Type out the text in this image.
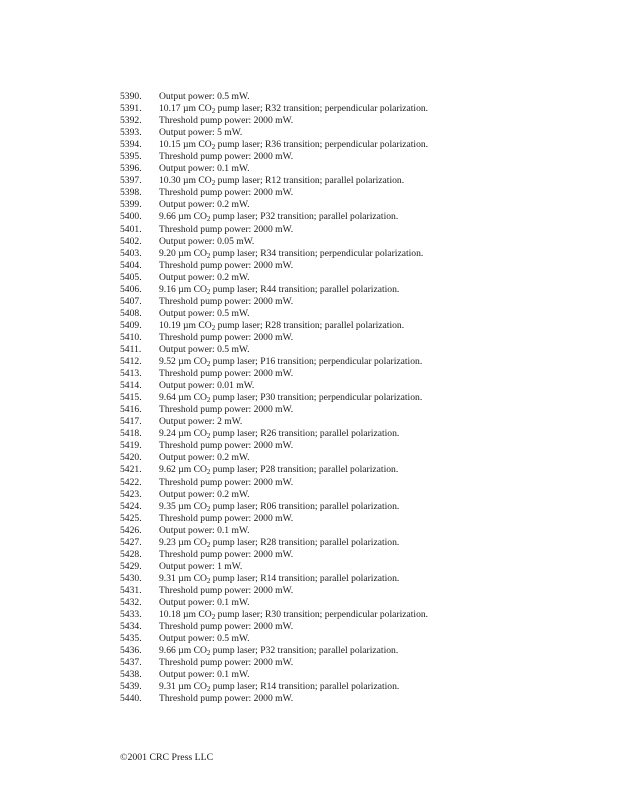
5390.	Output power: 0.5 mW.
5391.	10.17 µm $CO_2$ pump laser; R32 transition; perpendicular polarization.
5392.	Threshold pump power: 2000 mW.
5393.	Output power: 5 mW.
5394.	10.15 µm $CO_2$ pump laser; R36 transition; perpendicular polarization.
5395.	Threshold pump power: 2000 mW.
5396.	Output power: 0.1 mW.
5397.	10.30 µm $CO_2$ pump laser; R12 transition; parallel polarization.
5398.	Threshold pump power: 2000 mW.
5399.	Output power: 0.2 mW.
5400.	9.66 µm $CO_2$ pump laser; P32 transition; parallel polarization.
5401.	Threshold pump power: 2000 mW.
5402.	Output power: 0.05 mW.
5403.	9.20 µm $CO_2$ pump laser; R34 transition; perpendicular polarization.
5404.	Threshold pump power: 2000 mW.
5405.	Output power: 0.2 mW.
5406.	9.16 µm $CO_2$ pump laser; R44 transition; parallel polarization.
5407.	Threshold pump power: 2000 mW.
5408.	Output power: 0.5 mW.
5409.	10.19 µm $CO_2$ pump laser; R28 transition; parallel polarization.
5410.	Threshold pump power: 2000 mW.
5411.	Output power: 0.5 mW.
5412.	9.52 µm $CO_2$ pump laser; P16 transition; perpendicular polarization.
5413.	Threshold pump power: 2000 mW.
5414.	Output power: 0.01 mW.
5415.	9.64 µm $CO_2$ pump laser; P30 transition; perpendicular polarization.
5416.	Threshold pump power: 2000 mW.
5417.	Output power: 2 mW.
5418.	9.24 µm $CO_2$ pump laser; R26 transition; parallel polarization.
5419.	Threshold pump power: 2000 mW.
5420.	Output power: 0.2 mW.
5421.	9.62 µm $CO_2$ pump laser; P28 transition; parallel polarization.
5422.	Threshold pump power: 2000 mW.
5423.	Output power: 0.2 mW.
5424.	9.35 µm $CO_2$ pump laser; R06 transition; parallel polarization.
5425.	Threshold pump power: 2000 mW.
5426.	Output power: 0.1 mW.
5427.	9.23 µm $CO_2$ pump laser; R28 transition; parallel polarization.
5428.	Threshold pump power: 2000 mW.
5429.	Output power: 1 mW.
5430.	9.31 µm $CO_2$ pump laser; R14 transition; parallel polarization.
5431.	Threshold pump power: 2000 mW.
5432.	Output power: 0.1 mW.
5433.	10.18 µm $CO_2$ pump laser; R30 transition; perpendicular polarization.
5434.	Threshold pump power: 2000 mW.
5435.	Output power: 0.5 mW.
5436.	9.66 µm $CO_2$ pump laser; P32 transition; parallel polarization.
5437.	Threshold pump power: 2000 mW.
5438.	Output power: 0.1 mW.
5439.	9.31 µm $CO_2$ pump laser; R14 transition; parallel polarization.
5440.	Threshold pump power: 2000 mW.
©2001 CRC Press LLC
